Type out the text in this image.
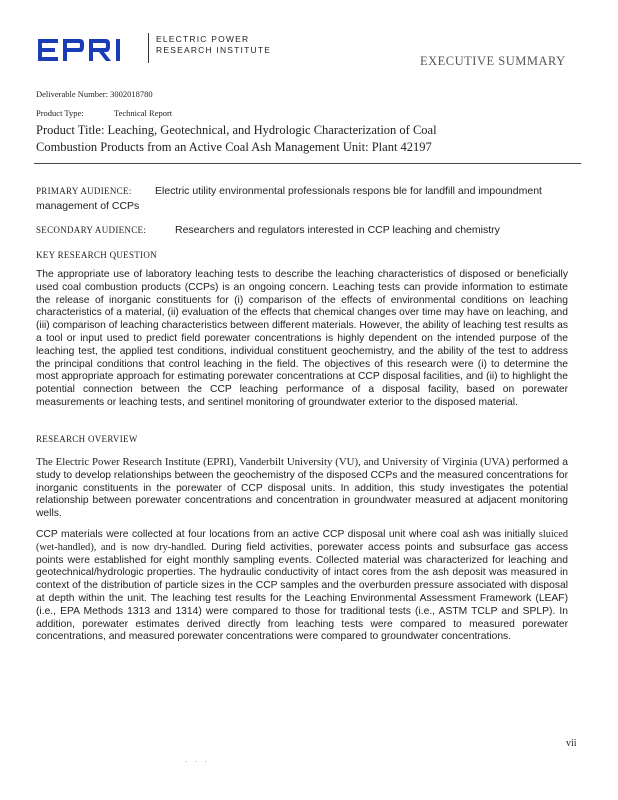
ELECTRIC POWER
RESEARCH INSTITUTE
EXECUTIVE SUMMARY
Deliverable Number: 3002018780
Product Type:	Technical Report
Product Title: Leaching, Geotechnical, and Hydrologic Characterization of Coal
Combustion Products from an Active Coal Ash Management Unit: Plant 42197
PRIMARY AUDIENCE: Electric utility environmental professionals respons ble for landfill and impoundment
management of CCPs
SECONDARY AUDIENCE:	Researchers and regulators interested in CCP leaching and chemistry
KEY RESEARCH QUESTION

The appropriate use of laboratory leaching tests to describe the leaching characteristics of disposed or beneficially used coal combustion products (CCPs) is an ongoing concern. Leaching tests can provide information to estimate the release of inorganic constituents for (i) comparison of the effects of environmental conditions on leaching characteristics of a material, (ii) evaluation of the effects that chemical changes over time may have on leaching, and (iii) comparison of leaching characteristics between different materials. However, the ability of leaching test results as a tool or input used to predict field porewater concentrations is highly dependent on the intended purpose of the leaching test, the applied test conditions, individual constituent geochemistry, and the ability of the test to address the principal conditions that control leaching in the field. The objectives of this research were (i) to determine the most appropriate approach for estimating porewater concentrations at CCP disposal facilities, and (ii) to highlight the potential connection between the CCP leaching performance of a disposal facility, based on porewater measurements or leaching tests, and sentinel monitoring of groundwater exterior to the disposed material.

RESEARCH OVERVIEW

The Electric Power Research Institute (EPRI), Vanderbilt University (VU), and University of Virginia (UVA) performed a study to develop relationships between the geochemistry of the disposed CCPs and the measured concentrations for inorganic constituents in the porewater of CCP disposal units. In addition, this study investigates the potential relationship between porewater concentrations and concentration in groundwater measured at adjacent monitoring wells.

CCP materials were collected at four locations from an active CCP disposal unit where coal ash was initially sluiced (wet-handled), and is now dry-handled. During field activities, porewater access points and subsurface gas access points were established for eight monthly sampling events. Collected material was characterized for leaching and geotechnical/hydrologic properties. The hydraulic conductivity of intact cores from the ash deposit was measured in context of the distribution of particle sizes in the CCP samples and the overburden pressure associated with disposal at depth within the unit. The leaching test results for the Leaching Environmental Assessment Framework (LEAF) (i.e., EPA Methods 1313 and 1314) were compared to those for traditional tests (i.e., ASTM TCLP and SPLP). In addition, porewater estimates derived directly from leaching tests were compared to measured porewater concentrations, and measured porewater concentrations were compared to groundwater concentrations.

vii
. . .
